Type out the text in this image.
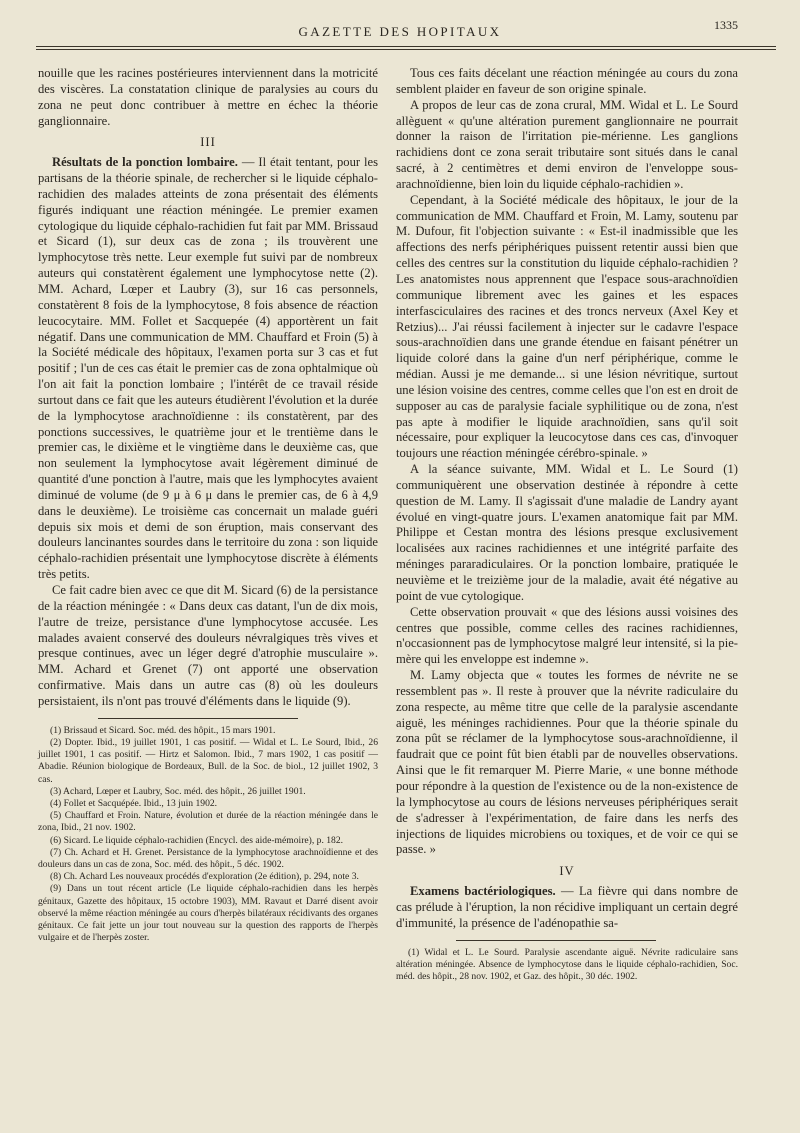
GAZETTE DES HOPITAUX	1335

nouille que les racines postérieures interviennent dans la motricité des viscères. La constatation clinique de paralysies au cours du zona ne peut donc contribuer à mettre en échec la théorie ganglionnaire.

III

Résultats de la ponction lombaire. — Il était tentant, pour les partisans de la théorie spinale, de rechercher si le liquide céphalo-rachidien des malades atteints de zona présentait des éléments figurés indiquant une réaction méningée. Le premier examen cytologique du liquide céphalo-rachidien fut fait par MM. Brissaud et Sicard (1), sur deux cas de zona ; ils trouvèrent une lymphocytose très nette. Leur exemple fut suivi par de nombreux auteurs qui constatèrent également une lymphocytose nette (2). MM. Achard, Lœper et Laubry (3), sur 16 cas personnels, constatèrent 8 fois de la lymphocytose, 8 fois absence de réaction leucocytaire. MM. Follet et Sacquepée (4) apportèrent un fait négatif. Dans une communication de MM. Chauffard et Froin (5) à la Société médicale des hôpitaux, l'examen porta sur 3 cas et fut positif ; l'un de ces cas était le premier cas de zona ophtalmique où l'on ait fait la ponction lombaire ; l'intérêt de ce travail réside surtout dans ce fait que les auteurs étudièrent l'évolution et la durée de la lymphocytose arachnoïdienne : ils constatèrent, par des ponctions successives, le quatrième jour et le trentième dans le premier cas, le dixième et le vingtième dans le deuxième cas, que non seulement la lymphocytose avait légèrement diminué de quantité d'une ponction à l'autre, mais que les lymphocytes avaient diminué de volume (de 9 μ à 6 μ dans le premier cas, de 6 à 4,9 dans le deuxième). Le troisième cas concernait un malade guéri depuis six mois et demi de son éruption, mais conservant des douleurs lancinantes sourdes dans le territoire du zona : son liquide céphalo-rachidien présentait une lymphocytose discrète à éléments très petits.

Ce fait cadre bien avec ce que dit M. Sicard (6) de la persistance de la réaction méningée : « Dans deux cas datant, l'un de dix mois, l'autre de treize, persistance d'une lymphocytose accusée. Les malades avaient conservé des douleurs névralgiques très vives et presque continues, avec un léger degré d'atrophie musculaire ». MM. Achard et Grenet (7) ont apporté une observation confirmative. Mais dans un autre cas (8) où les douleurs persistaient, ils n'ont pas trouvé d'éléments dans le liquide (9).

(1) Brissaud et Sicard. Soc. méd. des hôpit., 15 mars 1901.

(2) Dopter. Ibid., 19 juillet 1901, 1 cas positif. — Widal et L. Le Sourd, Ibid., 26 juillet 1901, 1 cas positif. — Hirtz et Salomon. Ibid., 7 mars 1902, 1 cas positif — Abadie. Réunion biologique de Bordeaux, Bull. de la Soc. de biol., 12 juillet 1902, 3 cas.

(3) Achard, Lœper et Laubry, Soc. méd. des hôpit., 26 juillet 1901.

(4) Follet et Sacquépée. Ibid., 13 juin 1902.

(5) Chauffard et Froin. Nature, évolution et durée de la réaction méningée dans le zona, Ibid., 21 nov. 1902.

(6) Sicard. Le liquide céphalo-rachidien (Encycl. des aide-mémoire), p. 182.

(7) Ch. Achard et H. Grenet. Persistance de la lymphocytose arachnoïdienne et des douleurs dans un cas de zona, Soc. méd. des hôpit., 5 déc. 1902.

(8) Ch. Achard Les nouveaux procédés d'exploration (2e édition), p. 294, note 3.

(9) Dans un tout récent article (Le liquide céphalo-rachidien dans les herpès génitaux, Gazette des hôpitaux, 15 octobre 1903), MM. Ravaut et Darré disent avoir observé la même réaction méningée au cours d'herpès bilatéraux récidivants des organes génitaux. Ce fait jette un jour tout nouveau sur la question des rapports de l'herpès vulgaire et de l'herpès zoster.

Tous ces faits décelant une réaction méningée au cours du zona semblent plaider en faveur de son origine spinale.

A propos de leur cas de zona crural, MM. Widal et L. Le Sourd allèguent « qu'une altération purement ganglionnaire ne pourrait donner la raison de l'irritation pie-mérienne. Les ganglions rachidiens dont ce zona serait tributaire sont situés dans le canal sacré, à 2 centimètres et demi environ de l'enveloppe sous-arachnoïdienne, bien loin du liquide céphalo-rachidien ».

Cependant, à la Société médicale des hôpitaux, le jour de la communication de MM. Chauffard et Froin, M. Lamy, soutenu par M. Dufour, fit l'objection suivante : « Est-il inadmissible que les affections des nerfs périphériques puissent retentir aussi bien que celles des centres sur la constitution du liquide céphalo-rachidien ? Les anatomistes nous apprennent que l'espace sous-arachnoïdien communique librement avec les gaines et les espaces interfasciculaires des racines et des troncs nerveux (Axel Key et Retzius)... J'ai réussi facilement à injecter sur le cadavre l'espace sous-arachnoïdien dans une grande étendue en faisant pénétrer un liquide coloré dans la gaine d'un nerf périphérique, comme le médian. Aussi je me demande... si une lésion névritique, surtout une lésion voisine des centres, comme celles que l'on est en droit de supposer au cas de paralysie faciale syphilitique ou de zona, n'est pas apte à modifier le liquide arachnoïdien, sans qu'il soit nécessaire, pour expliquer la leucocytose dans ces cas, d'invoquer toujours une réaction méningée cérébro-spinale. »

A la séance suivante, MM. Widal et L. Le Sourd (1) communiquèrent une observation destinée à répondre à cette question de M. Lamy. Il s'agissait d'une maladie de Landry ayant évolué en vingt-quatre jours. L'examen anatomique fait par MM. Philippe et Cestan montra des lésions presque exclusivement localisées aux racines rachidiennes et une intégrité parfaite des méninges pararadiculaires. Or la ponction lombaire, pratiquée le neuvième et le treizième jour de la maladie, avait été négative au point de vue cytologique.

Cette observation prouvait « que des lésions aussi voisines des centres que possible, comme celles des racines rachidiennes, n'occasionnent pas de lymphocytose malgré leur intensité, si la pie-mère qui les enveloppe est indemne ».

M. Lamy objecta que « toutes les formes de névrite ne se ressemblent pas ». Il reste à prouver que la névrite radiculaire du zona respecte, au même titre que celle de la paralysie ascendante aiguë, les méninges rachidiennes. Pour que la théorie spinale du zona pût se réclamer de la lymphocytose sous-arachnoïdienne, il faudrait que ce point fût bien établi par de nouvelles observations. Ainsi que le fit remarquer M. Pierre Marie, « une bonne méthode pour répondre à la question de l'existence ou de la non-existence de la lymphocytose au cours de lésions nerveuses périphériques serait de s'adresser à l'expérimentation, de faire dans les nerfs des injections de liquides microbiens ou toxiques, et de voir ce qui se passe. »

IV

Examens bactériologiques. — La fièvre qui dans nombre de cas prélude à l'éruption, la non récidive impliquant un certain degré d'immunité, la présence de l'adénopathie sa-

(1) Widal et L. Le Sourd. Paralysie ascendante aiguë. Névrite radiculaire sans altération méningée. Absence de lymphocytose dans le liquide céphalo-rachidien, Soc. méd. des hôpit., 28 nov. 1902, et Gaz. des hôpit., 30 déc. 1902.
